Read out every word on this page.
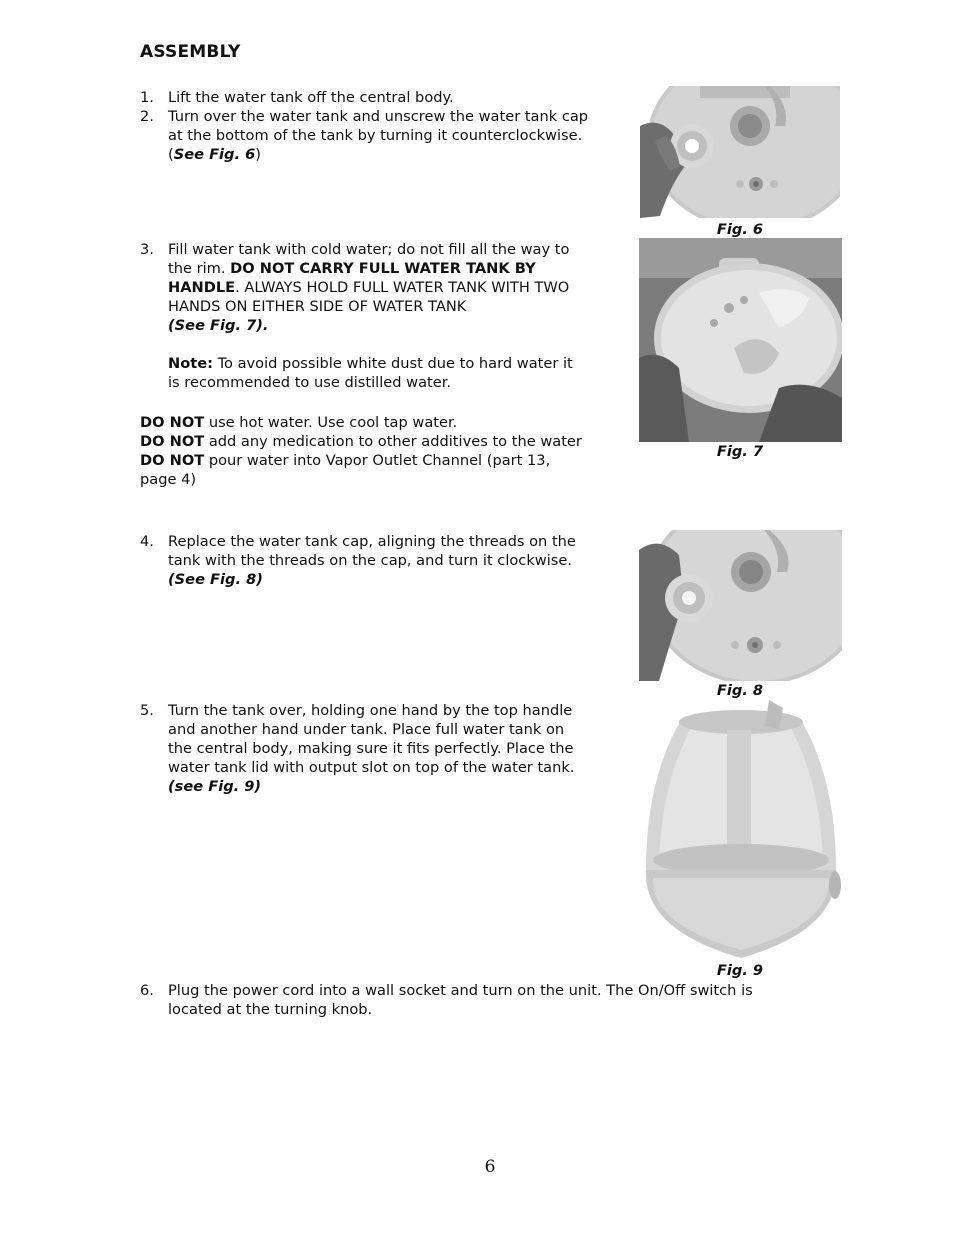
ASSEMBLY
1. Lift the water tank off the central body.
2. Turn over the water tank and unscrew the water tank cap
at the bottom of the tank by turning it counterclockwise.
(See Fig. 6)
3. Fill water tank with cold water; do not fill all the way to
the rim. DO NOT CARRY FULL WATER TANK BY
HANDLE. ALWAYS HOLD FULL WATER TANK WITH TWO
HANDS ON EITHER SIDE OF WATER TANK
(See Fig. 7).
Note: To avoid possible white dust due to hard water it
is recommended to use distilled water.
DO NOT use hot water. Use cool tap water.
DO NOT add any medication to other additives to the water
DO NOT pour water into Vapor Outlet Channel (part 13,
page 4)
4. Replace the water tank cap, aligning the threads on the
tank with the threads on the cap, and turn it clockwise.
(See Fig. 8)
5. Turn the tank over, holding one hand by the top handle
and another hand under tank. Place full water tank on
the central body, making sure it fits perfectly. Place the
water tank lid with output slot on top of the water tank.
(see Fig. 9)
6. Plug the power cord into a wall socket and turn on the unit. The On/Off switch is
located at the turning knob.
Fig. 6
Fig. 7
Fig. 8
Fig. 9
6
